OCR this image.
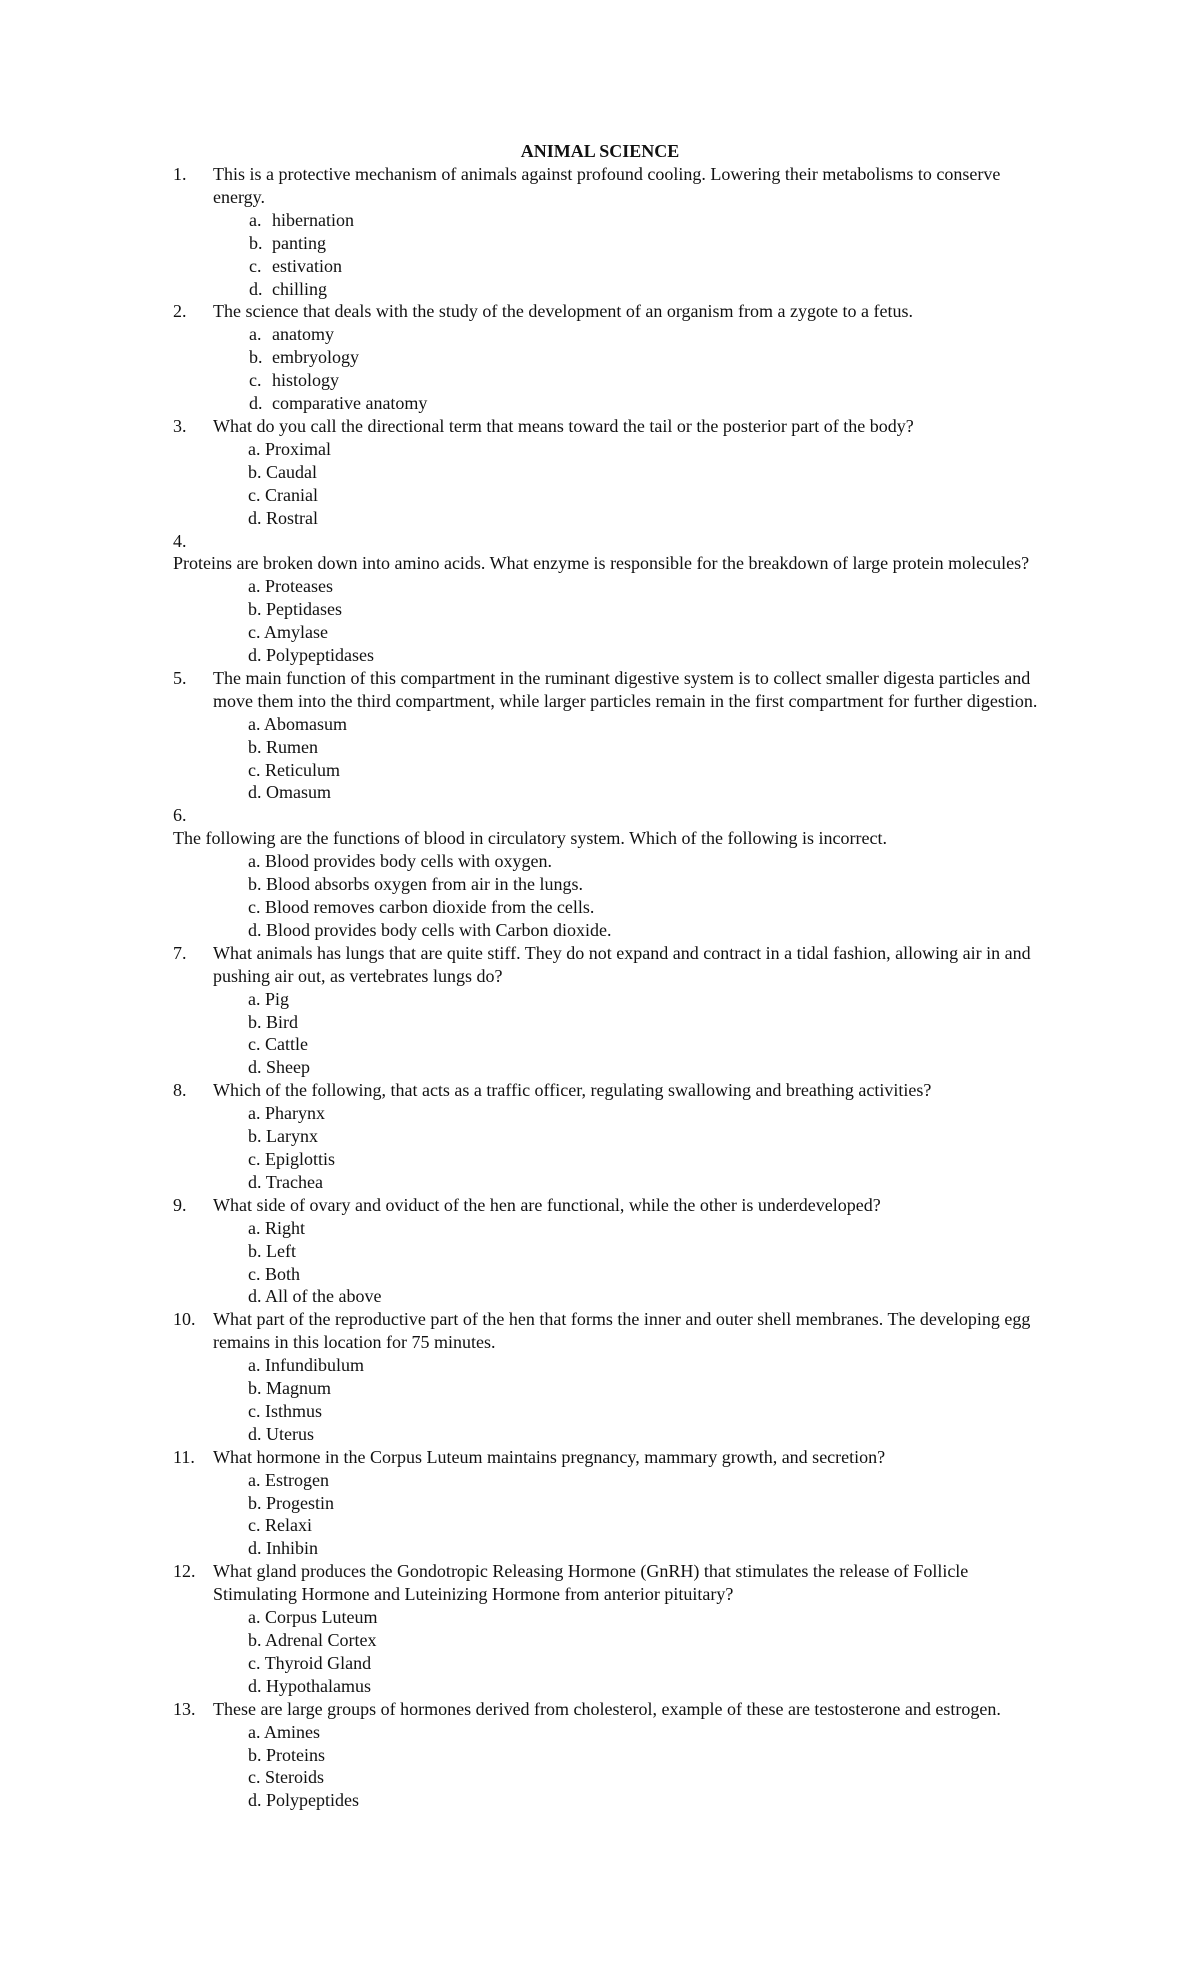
ANIMAL SCIENCE
1.	This is a protective mechanism of animals against profound cooling. Lowering their metabolisms to conserve energy.
a. hibernation
b. panting
c. estivation
d. chilling
2.	The science that deals with the study of the development of an organism from a zygote to a fetus.
a. anatomy
b. embryology
c. histology
d. comparative anatomy
3.	What do you call the directional term that means toward the tail or the posterior part of the body?
a. Proximal
b. Caudal
c. Cranial
d. Rostral
4.
Proteins are broken down into amino acids. What enzyme is responsible for the breakdown of large protein molecules?
a. Proteases
b. Peptidases
c. Amylase
d. Polypeptidases
5.	The main function of this compartment in the ruminant digestive system is to collect smaller digesta particles and move them into the third compartment, while larger particles remain in the first compartment for further digestion.
a. Abomasum
b. Rumen
c. Reticulum
d. Omasum
6.
The following are the functions of blood in circulatory system. Which of the following is incorrect.
a. Blood provides body cells with oxygen.
b. Blood absorbs oxygen from air in the lungs.
c. Blood removes carbon dioxide from the cells.
d. Blood provides body cells with Carbon dioxide.
7.	What animals has lungs that are quite stiff. They do not expand and contract in a tidal fashion, allowing air in and pushing air out, as vertebrates lungs do?
a. Pig
b. Bird
c. Cattle
d. Sheep
8.	Which of the following, that acts as a traffic officer, regulating swallowing and breathing activities?
a. Pharynx
b. Larynx
c. Epiglottis
d. Trachea
9.	What side of ovary and oviduct of the hen are functional, while the other is underdeveloped?
a. Right
b. Left
c. Both
d. All of the above
10. What part of the reproductive part of the hen that forms the inner and outer shell membranes. The developing egg remains in this location for 75 minutes.
a. Infundibulum
b. Magnum
c. Isthmus
d. Uterus
11.	What hormone in the Corpus Luteum maintains pregnancy, mammary growth, and secretion?
a. Estrogen
b. Progestin
c. Relaxi
d. Inhibin
12. What gland produces the Gondotropic Releasing Hormone (GnRH) that stimulates the release of Follicle Stimulating Hormone and Luteinizing Hormone from anterior pituitary?
a. Corpus Luteum
b. Adrenal Cortex
c. Thyroid Gland
d. Hypothalamus
13. These are large groups of hormones derived from cholesterol, example of these are testosterone and estrogen.
a. Amines
b. Proteins
c. Steroids
d. Polypeptides
